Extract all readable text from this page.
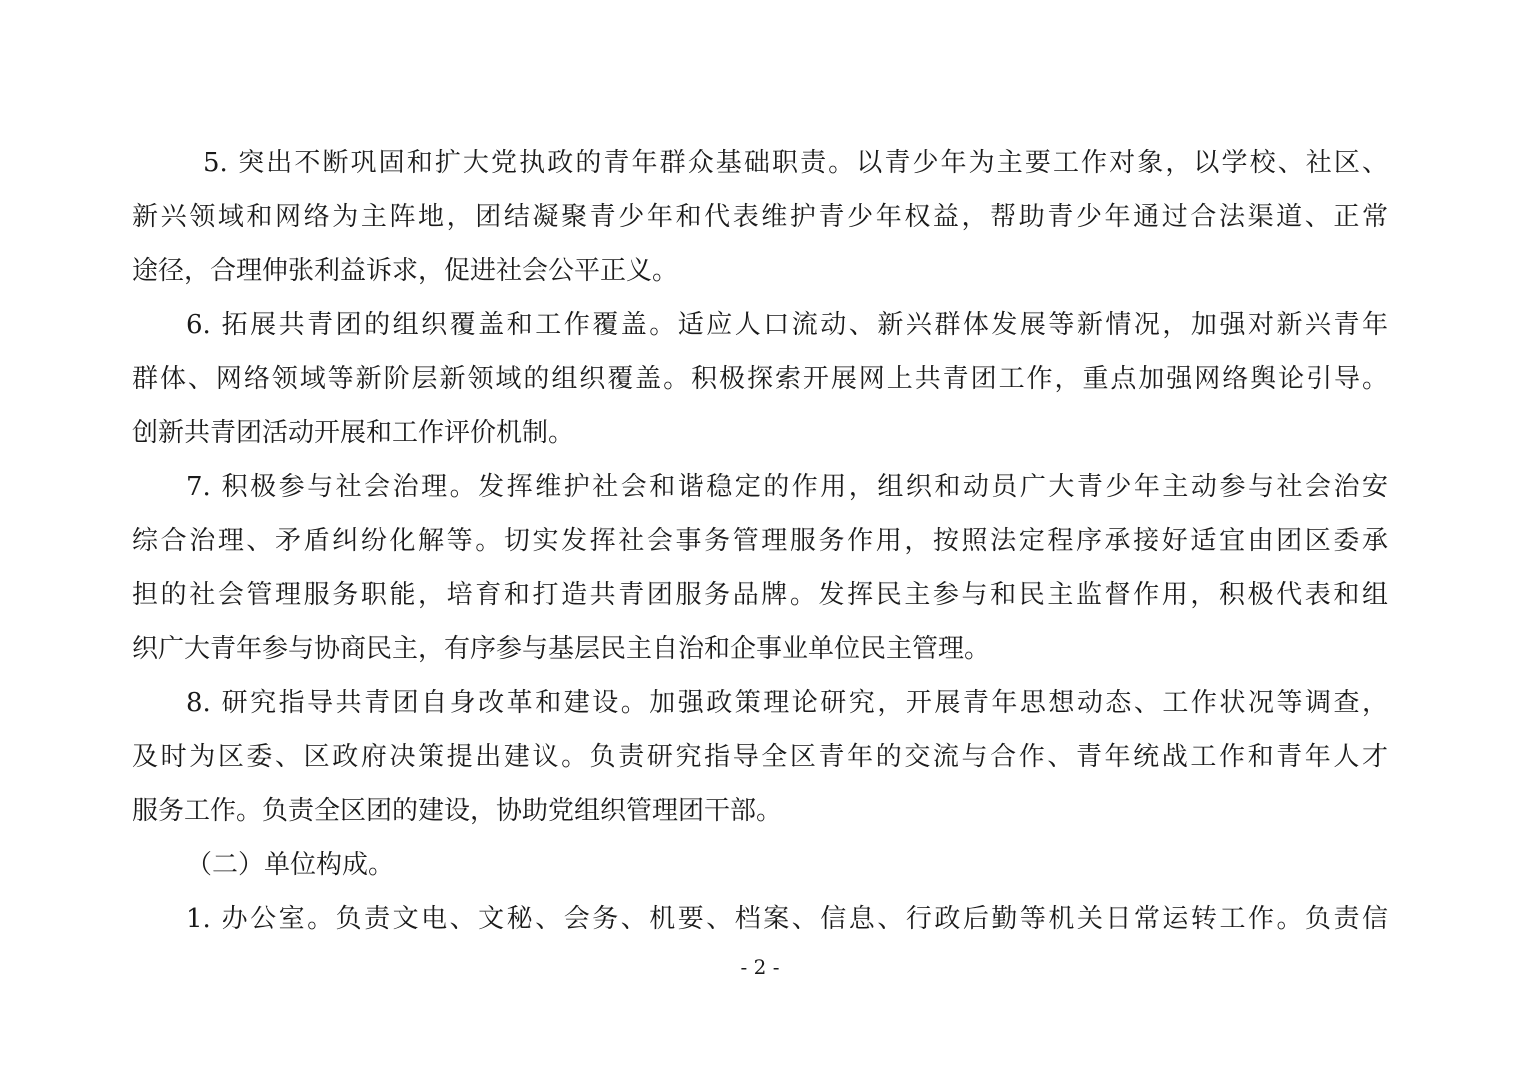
5. 突出不断巩固和扩大党执政的青年群众基础职责。以青少年为主要工作对象，以学校、社区、
新兴领域和网络为主阵地，团结凝聚青少年和代表维护青少年权益，帮助青少年通过合法渠道、正常
途径，合理伸张利益诉求，促进社会公平正义。
6. 拓展共青团的组织覆盖和工作覆盖。适应人口流动、新兴群体发展等新情况，加强对新兴青年
群体、网络领域等新阶层新领域的组织覆盖。积极探索开展网上共青团工作，重点加强网络舆论引导。
创新共青团活动开展和工作评价机制。
7. 积极参与社会治理。发挥维护社会和谐稳定的作用，组织和动员广大青少年主动参与社会治安
综合治理、矛盾纠纷化解等。切实发挥社会事务管理服务作用，按照法定程序承接好适宜由团区委承
担的社会管理服务职能，培育和打造共青团服务品牌。发挥民主参与和民主监督作用，积极代表和组
织广大青年参与协商民主，有序参与基层民主自治和企事业单位民主管理。
8. 研究指导共青团自身改革和建设。加强政策理论研究，开展青年思想动态、工作状况等调查，
及时为区委、区政府决策提出建议。负责研究指导全区青年的交流与合作、青年统战工作和青年人才
服务工作。负责全区团的建设，协助党组织管理团干部。
（二）单位构成。
1. 办公室。负责文电、文秘、会务、机要、档案、信息、行政后勤等机关日常运转工作。负责信
- 2 -
